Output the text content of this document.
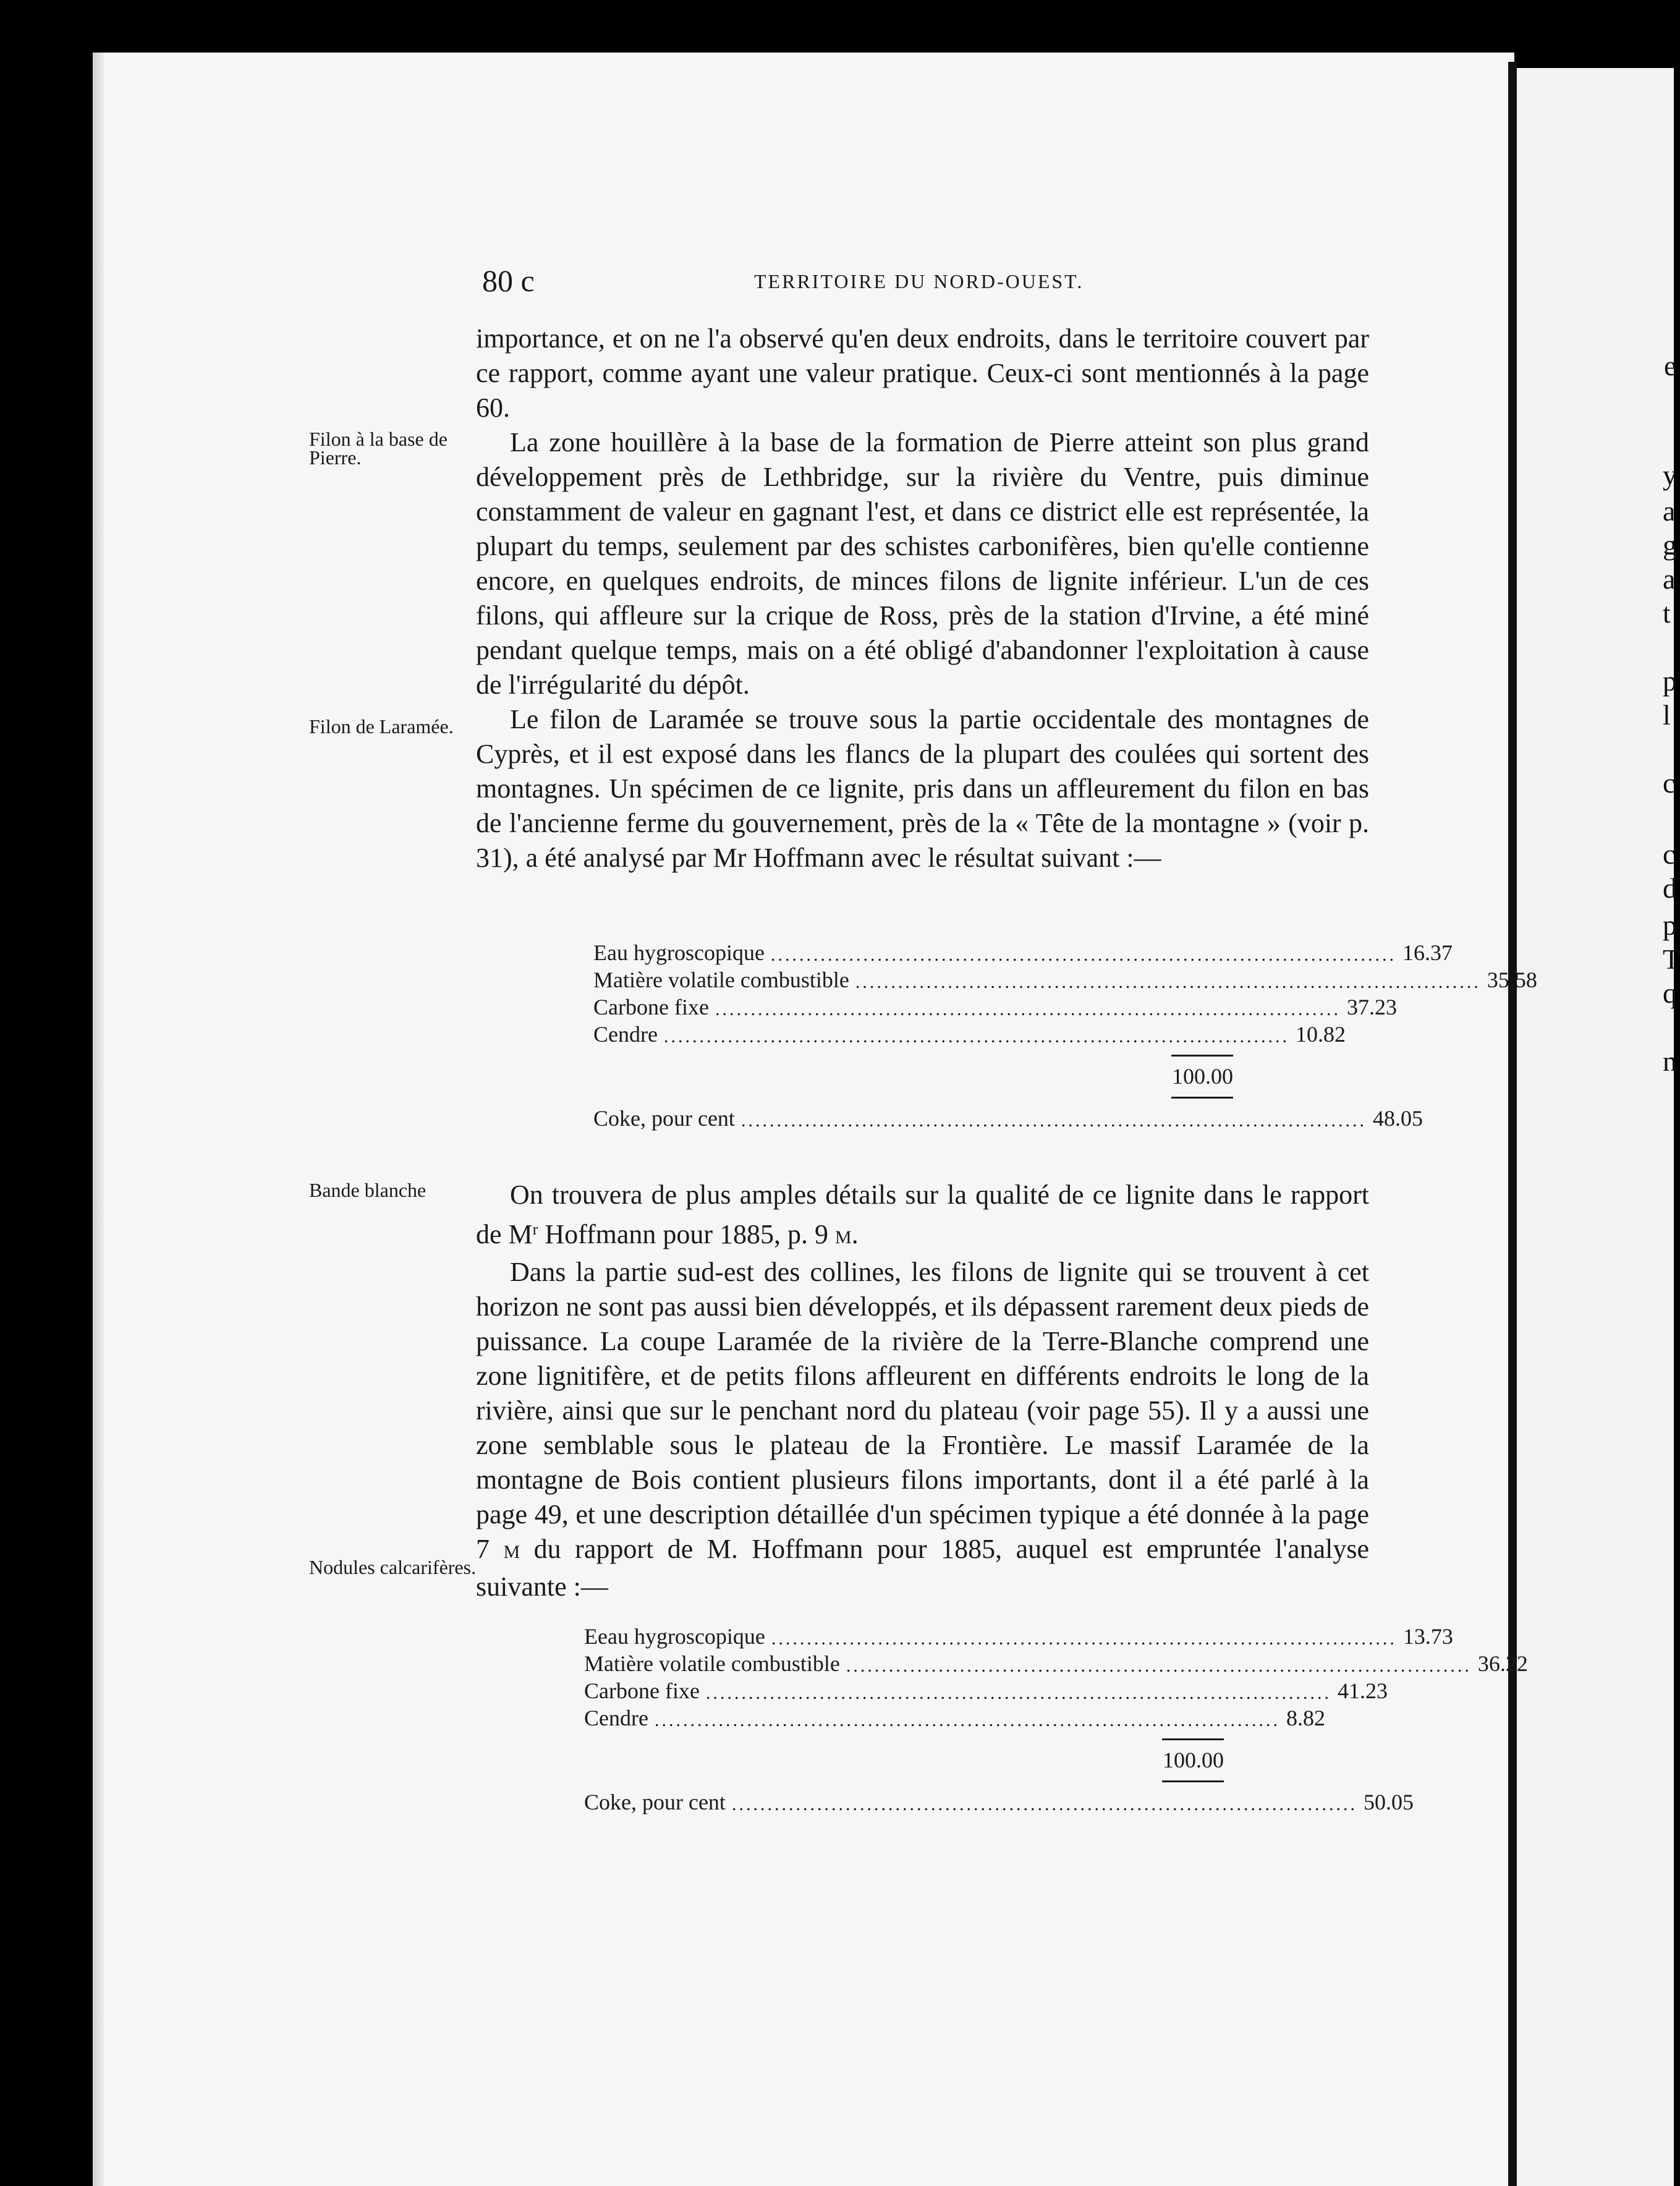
e
y
a
g
a
t
p
l
c
c
d
p
T
q
n
80 c	TERRITOIRE DU NORD-OUEST.
Filon à la base de Pierre.
Filon de Laramée.
Bande blanche
Nodules calcarifères.

importance, et on ne l'a observé qu'en deux endroits, dans le territoire couvert par ce rapport, comme ayant une valeur pratique. Ceux-ci sont mentionnés à la page 60.

La zone houillère à la base de la formation de Pierre atteint son plus grand développement près de Lethbridge, sur la rivière du Ventre, puis diminue constamment de valeur en gagnant l'est, et dans ce district elle est représentée, la plupart du temps, seulement par des schistes carbonifères, bien qu'elle contienne encore, en quelques endroits, de minces filons de lignite inférieur. L'un de ces filons, qui affleure sur la crique de Ross, près de la station d'Irvine, a été miné pendant quelque temps, mais on a été obligé d'abandonner l'exploitation à cause de l'irrégularité du dépôt.

Le filon de Laramée se trouve sous la partie occidentale des montagnes de Cyprès, et il est exposé dans les flancs de la plupart des coulées qui sortent des montagnes. Un spécimen de ce lignite, pris dans un affleurement du filon en bas de l'ancienne ferme du gouvernement, près de la « Tête de la montagne » (voir p. 31), a été analysé par Mr Hoffmann avec le résultat suivant :—

Eau hygroscopique ........................................................................................ 16.37
Matière volatile combustible ........................................................................................ 35.58
Carbone fixe ........................................................................................ 37.23
Cendre ........................................................................................ 10.82
100.00
Coke, pour cent ........................................................................................ 48.05

On trouvera de plus amples détails sur la qualité de ce lignite dans le rapport de $M^r$ Hoffmann pour 1885, p. 9 M.

Dans la partie sud-est des collines, les filons de lignite qui se trouvent à cet horizon ne sont pas aussi bien développés, et ils dépassent rarement deux pieds de puissance. La coupe Laramée de la rivière de la Terre-Blanche comprend une zone lignitifère, et de petits filons affleurent en différents endroits le long de la rivière, ainsi que sur le penchant nord du plateau (voir page 55). Il y a aussi une zone semblable sous le plateau de la Frontière. Le massif Laramée de la montagne de Bois contient plusieurs filons importants, dont il a été parlé à la page 49, et une description détaillée d'un spécimen typique a été donnée à la page 7 M du rapport de M. Hoffmann pour 1885, auquel est empruntée l'analyse suivante :—

Eeau hygroscopique ........................................................................................ 13.73
Matière volatile combustible ........................................................................................ 36.22
Carbone fixe ........................................................................................ 41.23
Cendre ........................................................................................ 8.82
100.00
Coke, pour cent ........................................................................................ 50.05
